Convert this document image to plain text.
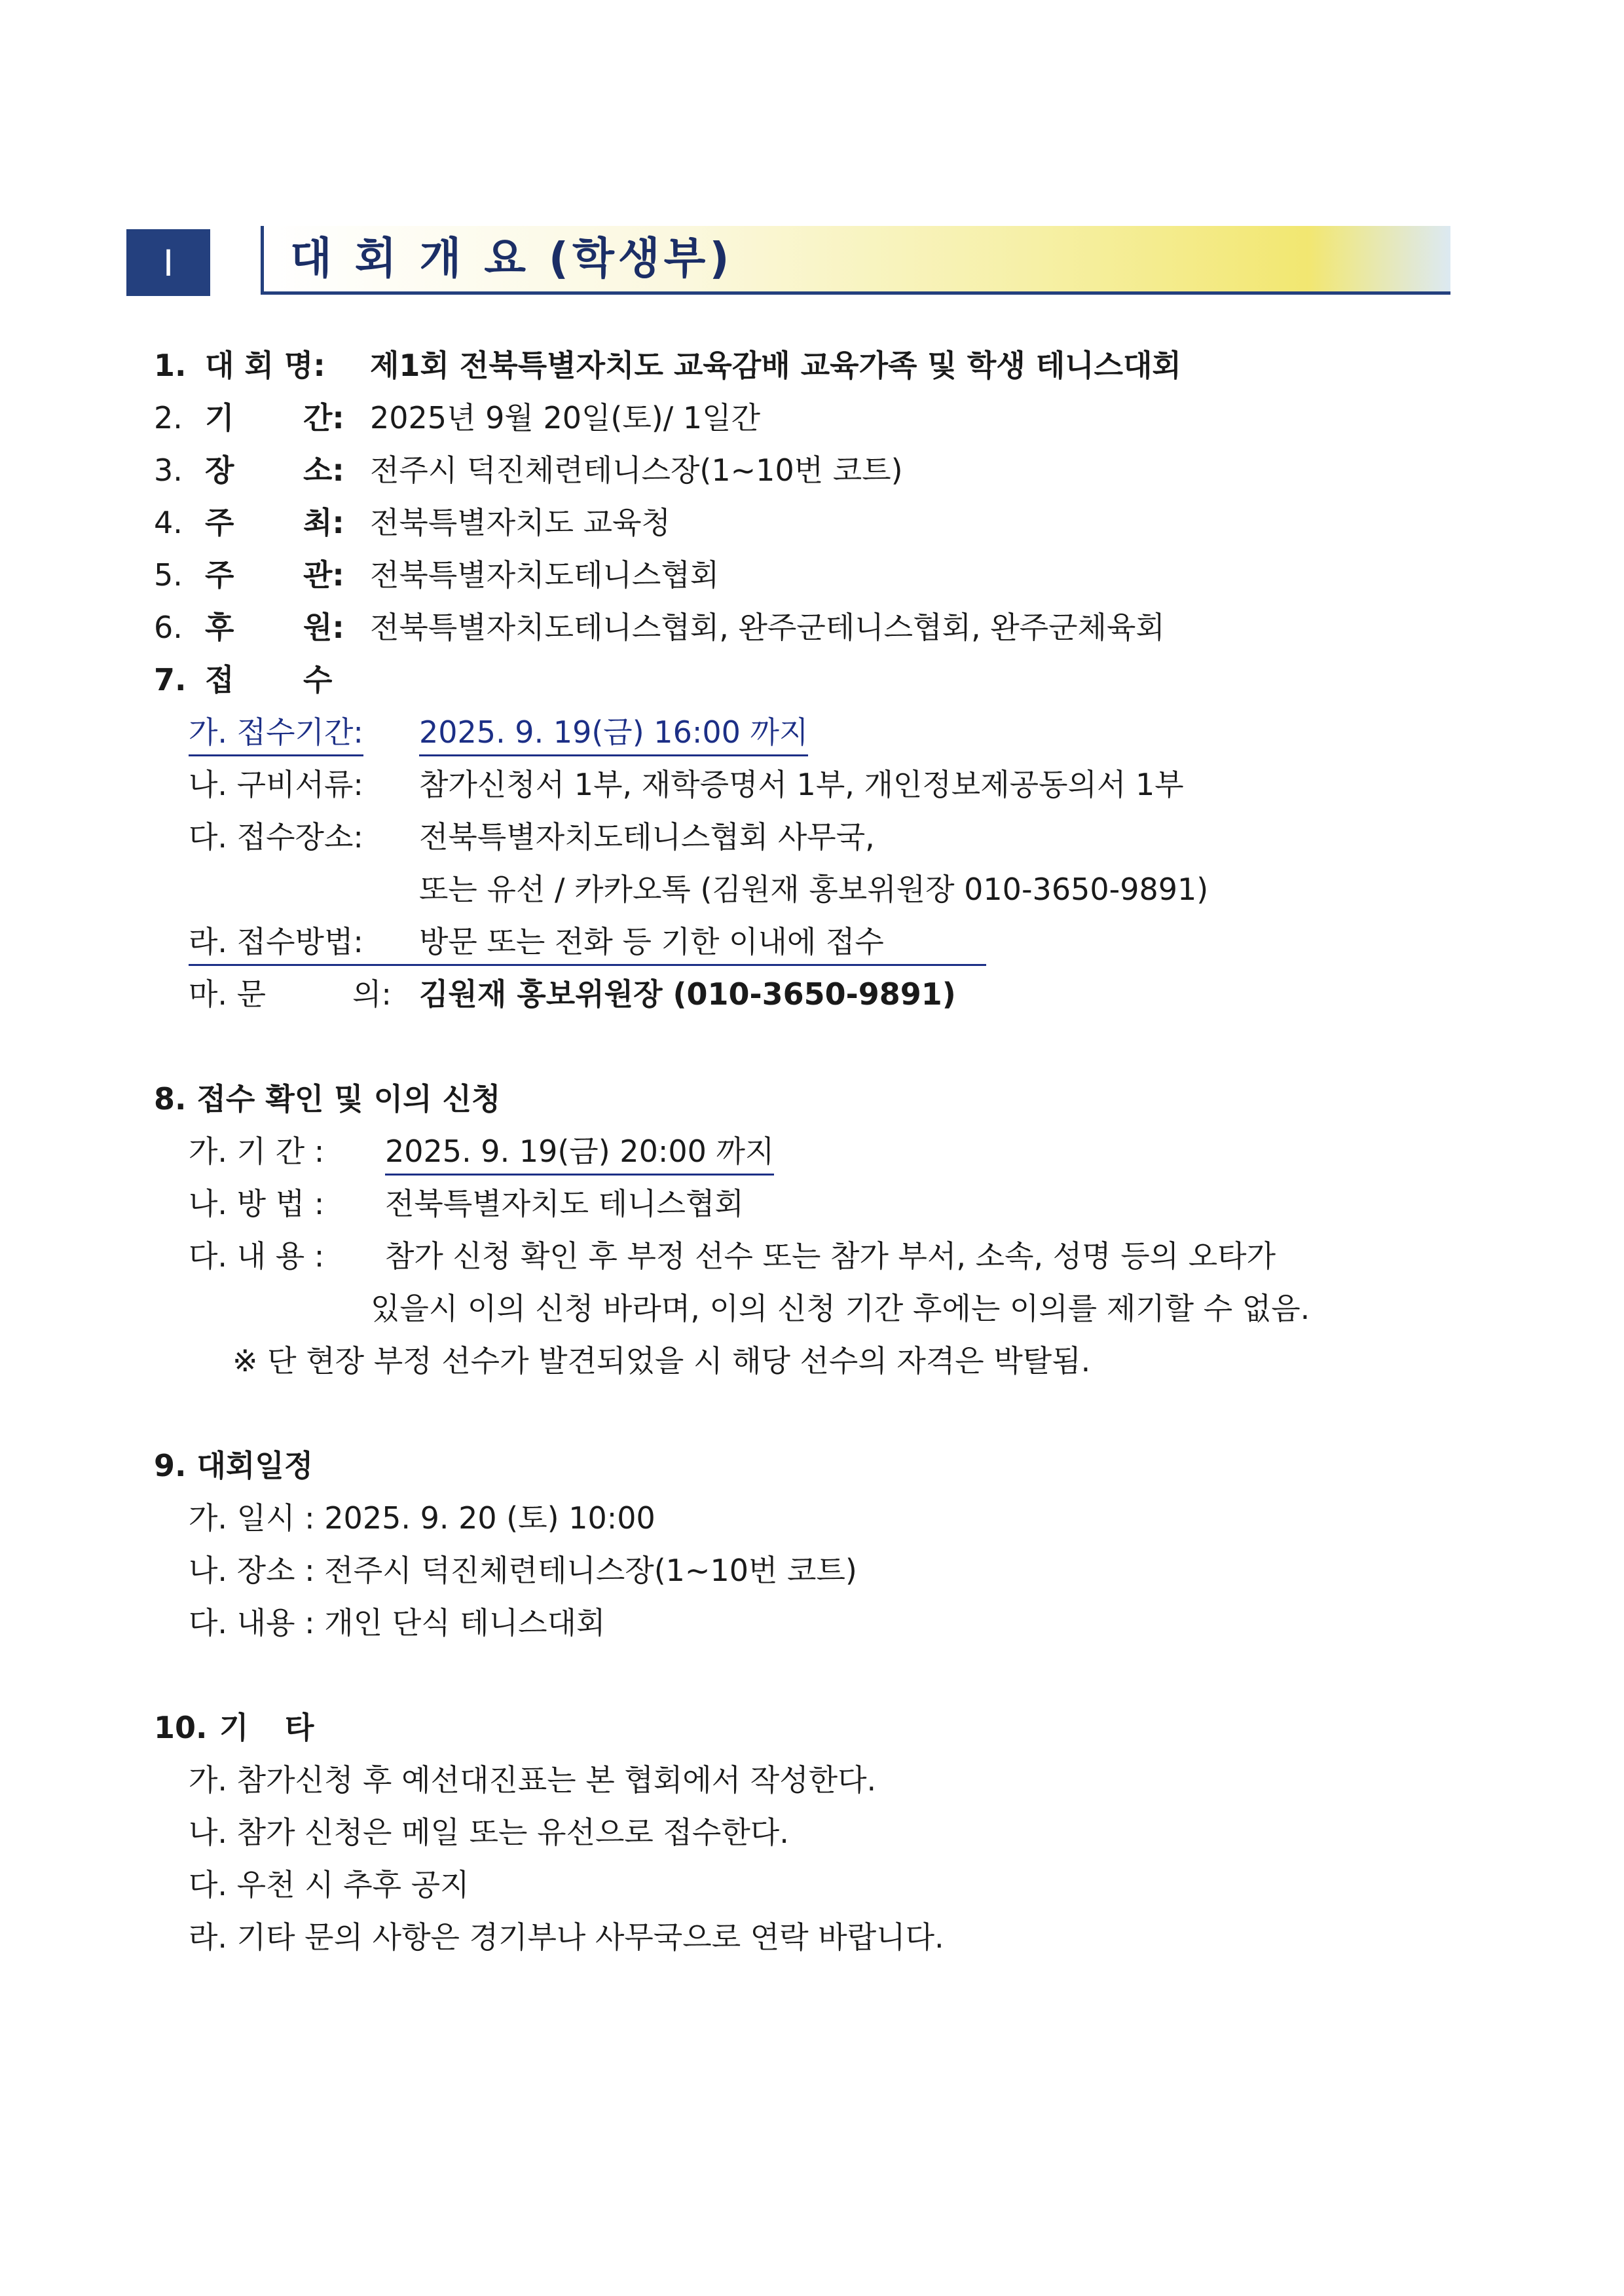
I	대 회 개 요 (학생부)
1. 대 회 명: 제1회 전북특별자치도 교육감배 교육가족 및 학생 테니스대회
2. 기 간: 2025년 9월 20일(토)/ 1일간
3. 장 소: 전주시 덕진체련테니스장(1~10번 코트)
4. 주 최: 전북특별자치도 교육청
5. 주 관: 전북특별자치도테니스협회
6. 후 원: 전북특별자치도테니스협회, 완주군테니스협회, 완주군체육회
7. 접 수
가. 접수기간: 2025. 9. 19(금) 16:00 까지
나. 구비서류: 참가신청서 1부, 재학증명서 1부, 개인정보제공동의서 1부
다. 접수장소: 전북특별자치도테니스협회 사무국,
또는 유선 / 카카오톡 (김원재 홍보위원장 010-3650-9891)
라. 접수방법:	방문 또는 전화 등 기한 이내에 접수
마. 문	의: 김원재 홍보위원장 (010-3650-9891)
8. 접수 확인 및 이의 신청
가. 기 간 : 2025. 9. 19(금) 20:00 까지
나. 방 법 : 전북특별자치도 테니스협회
다. 내 용 : 참가 신청 확인 후 부정 선수 또는 참가 부서, 소속, 성명 등의 오타가
있을시 이의 신청 바라며, 이의 신청 기간 후에는 이의를 제기할 수 없음.
※ 단 현장 부정 선수가 발견되었을 시 해당 선수의 자격은 박탈됨.
9. 대회일정
가. 일시 : 2025. 9. 20 (토) 10:00
나. 장소 : 전주시 덕진체련테니스장(1~10번 코트)
다. 내용 : 개인 단식 테니스대회
10. 기 타
가. 참가신청 후 예선대진표는 본 협회에서 작성한다.
나. 참가 신청은 메일 또는 유선으로 접수한다.
다. 우천 시 추후 공지
라. 기타 문의 사항은 경기부나 사무국으로 연락 바랍니다.
